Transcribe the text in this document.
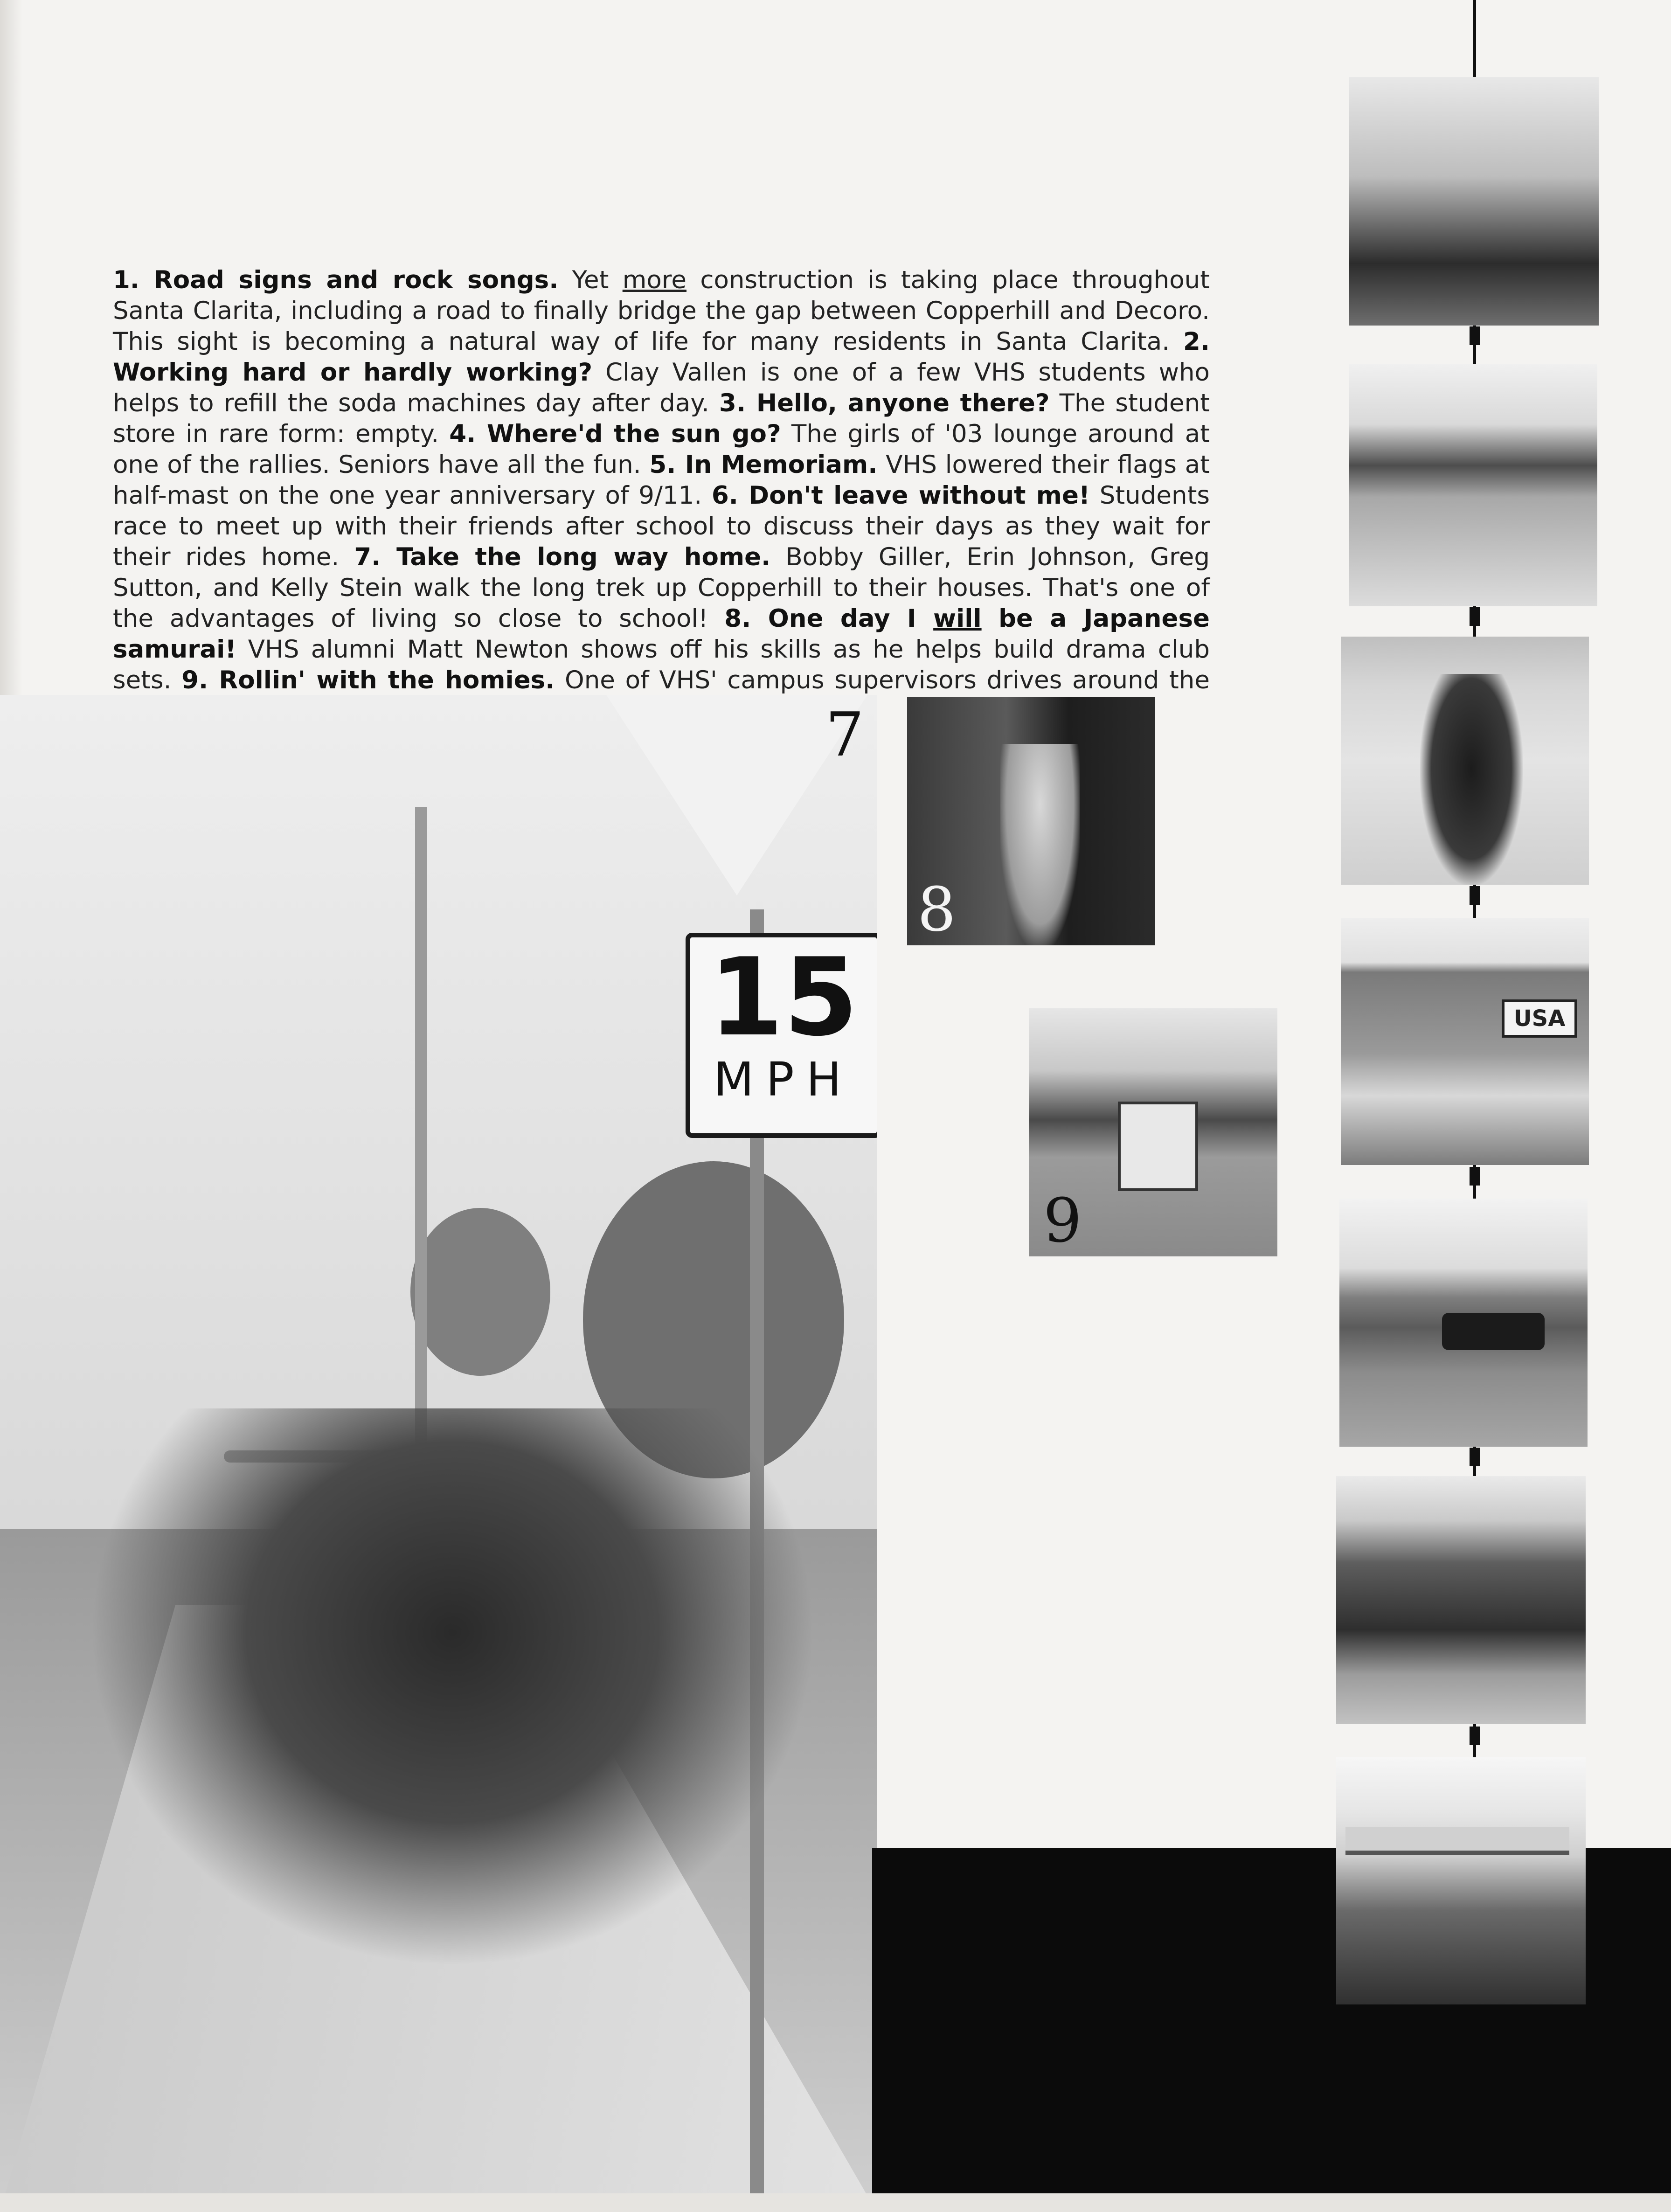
1. Road signs and rock songs. Yet more construction is taking place throughout Santa Clarita, including a road to finally bridge the gap between Copperhill and Decoro. This sight is becoming a natural way of life for many residents in Santa Clarita. 2. Working hard or hardly working? Clay Vallen is one of a few VHS students who helps to refill the soda machines day after day. 3. Hello, anyone there? The student store in rare form: empty. 4. Where'd the sun go? The girls of '03 lounge around at one of the rallies. Seniors have all the fun. 5. In Memoriam. VHS lowered their flags at half-mast on the one year anniversary of 9/11. 6. Don't leave without me! Students race to meet up with their friends after school to discuss their days as they wait for their rides home. 7. Take the long way home. Bobby Giller, Erin Johnson, Greg Sutton, and Kelly Stein walk the long trek up Copperhill to their houses. That's one of the advantages of living so close to school! 8. One day I will be a Japanese samurai! VHS alumni Matt Newton shows off his skills as he helps build drama club sets. 9. Rollin' with the homies. One of VHS' campus supervisors drives around the
15
MPH
7
8
9
USA
